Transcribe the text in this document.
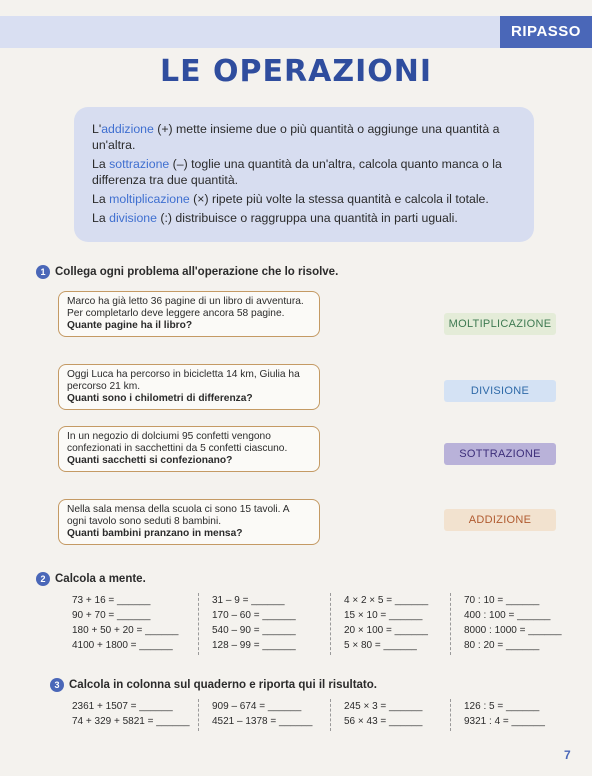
RIPASSO
LE OPERAZIONI

L'addizione (+) mette insieme due o più quantità o aggiunge una quantità a un'altra.

La sottrazione (–) toglie una quantità da un'altra, calcola quanto manca o la differenza tra due quantità.

La moltiplicazione (×) ripete più volte la stessa quantità e calcola il totale.

La divisione (:) distribuisce o raggruppa una quantità in parti uguali.

1 Collega ogni problema all'operazione che lo risolve.
Marco ha già letto 36 pagine di un libro di avventura. Per completarlo deve leggere ancora 58 pagine.
Quante pagine ha il libro?
Oggi Luca ha percorso in bicicletta 14 km, Giulia ha percorso 21 km.
Quanti sono i chilometri di differenza?
In un negozio di dolciumi 95 confetti vengono confezionati in sacchettini da 5 confetti ciascuno.
Quanti sacchetti si confezionano?
Nella sala mensa della scuola ci sono 15 tavoli. A ogni tavolo sono seduti 8 bambini.
Quanti bambini pranzano in mensa?
MOLTIPLICAZIONE
DIVISIONE
SOTTRAZIONE
ADDIZIONE
2 Calcola a mente.
73 + 16 = ______
90 + 70 = ______
180 + 50 + 20 = ______
4100 + 1800 = ______
31 – 9 = ______
170 – 60 = ______
540 – 90 = ______
128 – 99 = ______
4 × 2 × 5 = ______
15 × 10 = ______
20 × 100 = ______
5 × 80 = ______
70 : 10 = ______
400 : 100 = ______
8000 : 1000 = ______
80 : 20 = ______
3 Calcola in colonna sul quaderno e riporta qui il risultato.
2361 + 1507 = ______
74 + 329 + 5821 = ______
909 – 674 = ______
4521 – 1378 = ______
245 × 3 = ______
56 × 43 = ______
126 : 5 = ______
9321 : 4 = ______
7
